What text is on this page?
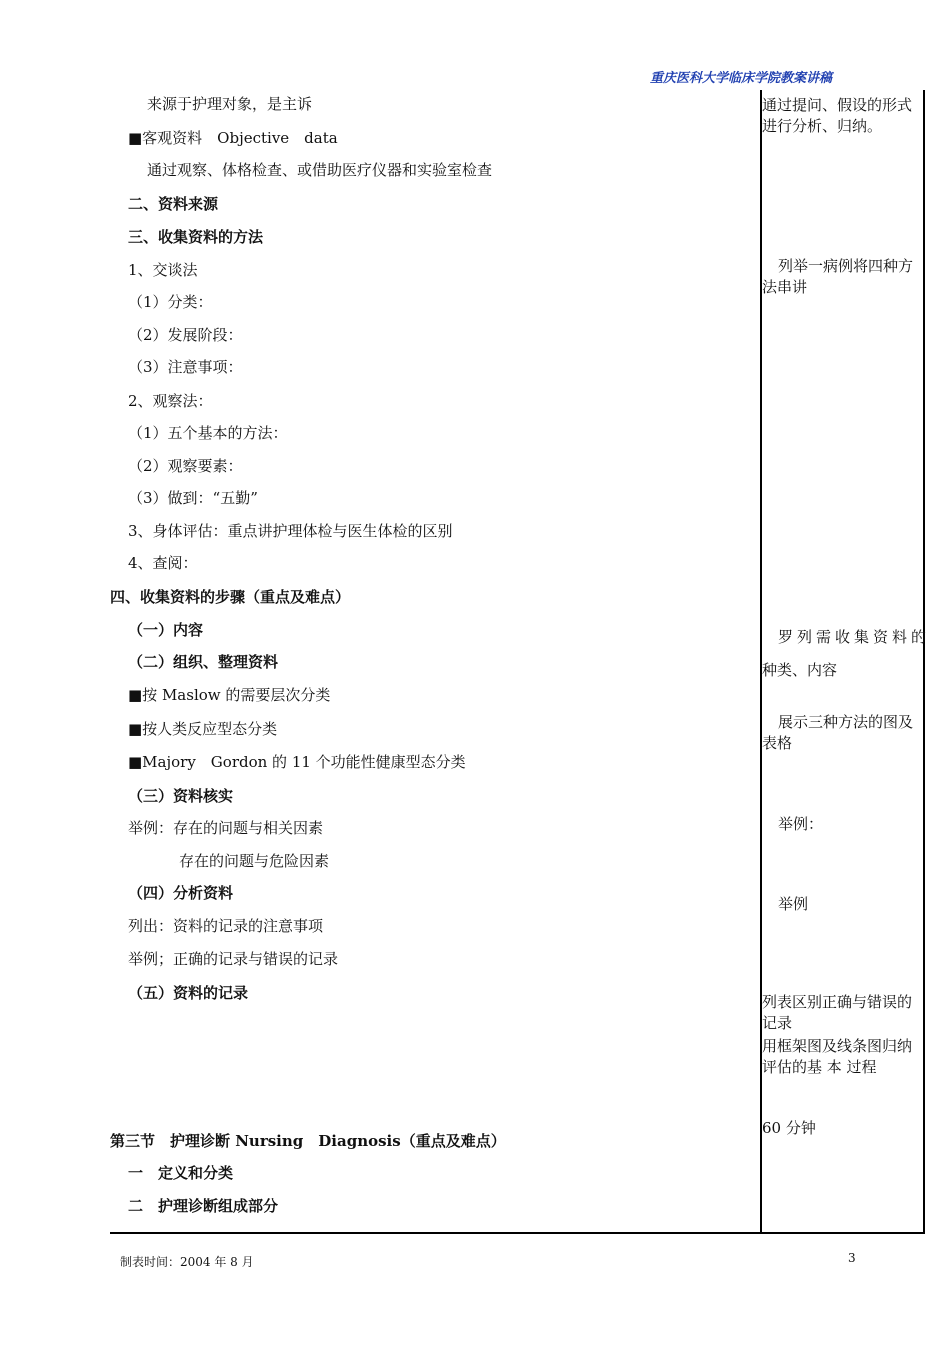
重庆医科大学临床学院教案讲稿
来源于护理对象，是主诉
■客观资料　Objective　data
通过观察、体格检查、或借助医疗仪器和实验室检查
二、资料来源
三、收集资料的方法
1、交谈法
（1）分类：
（2）发展阶段：
（3）注意事项：
2、观察法：
（1）五个基本的方法：
（2）观察要素：
（3）做到：“五勤”
3、身体评估：重点讲护理体检与医生体检的区别
4、查阅：
四、收集资料的步骤（重点及难点）
（一）内容
（二）组织、整理资料
■按 Maslow 的需要层次分类
■按人类反应型态分类
■Majory　Gordon 的 11 个功能性健康型态分类
（三）资料核实
举例：存在的问题与相关因素
存在的问题与危险因素
（四）分析资料
列出：资料的记录的注意事项
举例；正确的记录与错误的记录
（五）资料的记录
第三节　护理诊断 Nursing　Diagnosis（重点及难点）
一　定义和分类
二　护理诊断组成部分
通过提问、假设的形式进行分析、归纳。
列举一病例将四种方法串讲
罗列需收集资料的
种类、内容
展示三种方法的图及表格
举例：
举例
列表区别正确与错误的记录
用框架图及线条图归纳评估的基 本 过程
60 分钟
制表时间：2004 年 8 月	3
